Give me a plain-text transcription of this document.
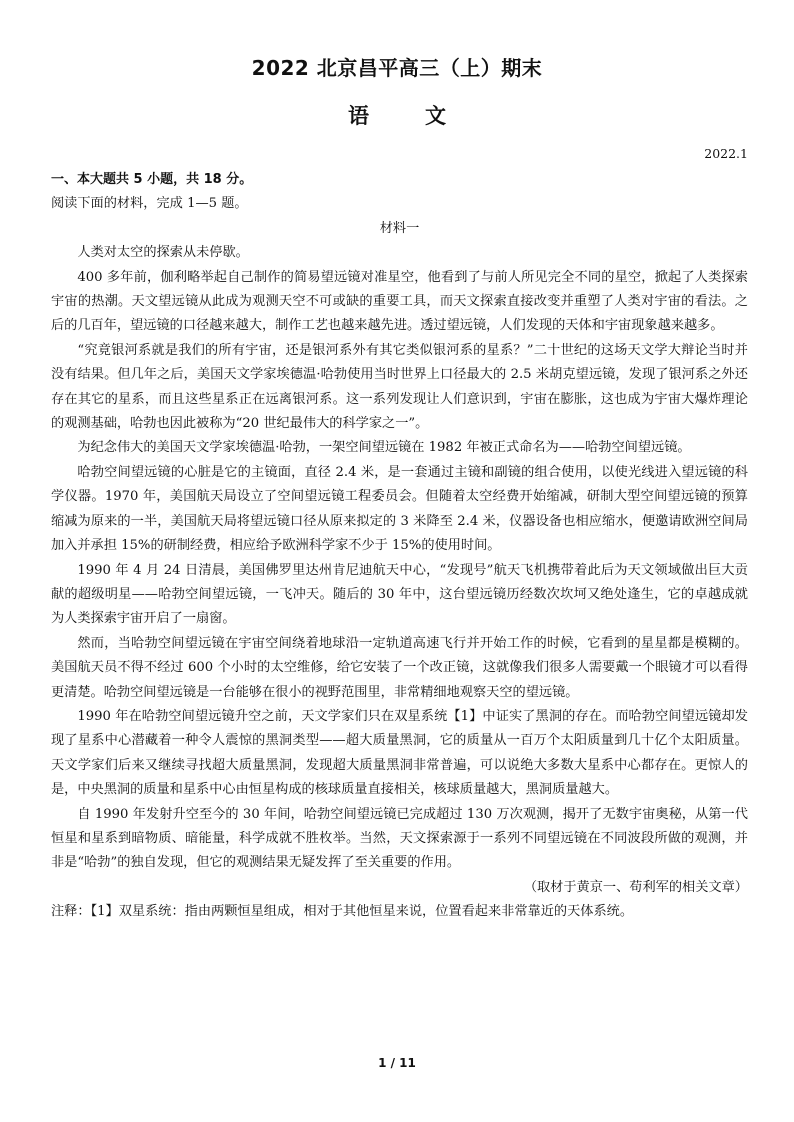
2022 北京昌平高三（上）期末
语	文
2022.1

一、本大题共 5 小题，共 18 分。

阅读下面的材料，完成 1—5 题。

材料一

人类对太空的探索从未停歇。

400 多年前，伽利略举起自己制作的简易望远镜对准星空，他看到了与前人所见完全不同的星空，掀起了人类探索宇宙的热潮。天文望远镜从此成为观测天空不可或缺的重要工具，而天文探索直接改变并重塑了人类对宇宙的看法。之后的几百年，望远镜的口径越来越大，制作工艺也越来越先进。透过望远镜，人们发现的天体和宇宙现象越来越多。

“究竟银河系就是我们的所有宇宙，还是银河系外有其它类似银河系的星系？”二十世纪的这场天文学大辩论当时并没有结果。但几年之后，美国天文学家埃德温·哈勃使用当时世界上口径最大的 2.5 米胡克望远镜，发现了银河系之外还存在其它的星系，而且这些星系正在远离银河系。这一系列发现让人们意识到，宇宙在膨胀，这也成为宇宙大爆炸理论的观测基础，哈勃也因此被称为“20 世纪最伟大的科学家之一”。

为纪念伟大的美国天文学家埃德温·哈勃，一架空间望远镜在 1982 年被正式命名为——哈勃空间望远镜。

哈勃空间望远镜的心脏是它的主镜面，直径 2.4 米，是一套通过主镜和副镜的组合使用，以使光线进入望远镜的科学仪器。1970 年，美国航天局设立了空间望远镜工程委员会。但随着太空经费开始缩减，研制大型空间望远镜的预算缩减为原来的一半，美国航天局将望远镜口径从原来拟定的 3 米降至 2.4 米，仪器设备也相应缩水，便邀请欧洲空间局加入并承担 15%的研制经费，相应给予欧洲科学家不少于 15%的使用时间。

1990 年 4 月 24 日清晨，美国佛罗里达州肯尼迪航天中心，“发现号”航天飞机携带着此后为天文领域做出巨大贡献的超级明星——哈勃空间望远镜，一飞冲天。随后的 30 年中，这台望远镜历经数次坎坷又绝处逢生，它的卓越成就为人类探索宇宙开启了一扇窗。

然而，当哈勃空间望远镜在宇宙空间绕着地球沿一定轨道高速飞行并开始工作的时候，它看到的星星都是模糊的。美国航天员不得不经过 600 个小时的太空维修，给它安装了一个改正镜，这就像我们很多人需要戴一个眼镜才可以看得更清楚。哈勃空间望远镜是一台能够在很小的视野范围里，非常精细地观察天空的望远镜。

1990 年在哈勃空间望远镜升空之前，天文学家们只在双星系统【1】中证实了黑洞的存在。而哈勃空间望远镜却发现了星系中心潜藏着一种令人震惊的黑洞类型——超大质量黑洞，它的质量从一百万个太阳质量到几十亿个太阳质量。天文学家们后来又继续寻找超大质量黑洞，发现超大质量黑洞非常普遍，可以说绝大多数大星系中心都存在。更惊人的是，中央黑洞的质量和星系中心由恒星构成的核球质量直接相关，核球质量越大，黑洞质量越大。

自 1990 年发射升空至今的 30 年间，哈勃空间望远镜已完成超过 130 万次观测，揭开了无数宇宙奥秘，从第一代恒星和星系到暗物质、暗能量，科学成就不胜枚举。当然，天文探索源于一系列不同望远镜在不同波段所做的观测，并非是“哈勃”的独自发现，但它的观测结果无疑发挥了至关重要的作用。

（取材于黄京一、苟利军的相关文章）

注释：【1】双星系统：指由两颗恒星组成，相对于其他恒星来说，位置看起来非常靠近的天体系统。

1 / 11
